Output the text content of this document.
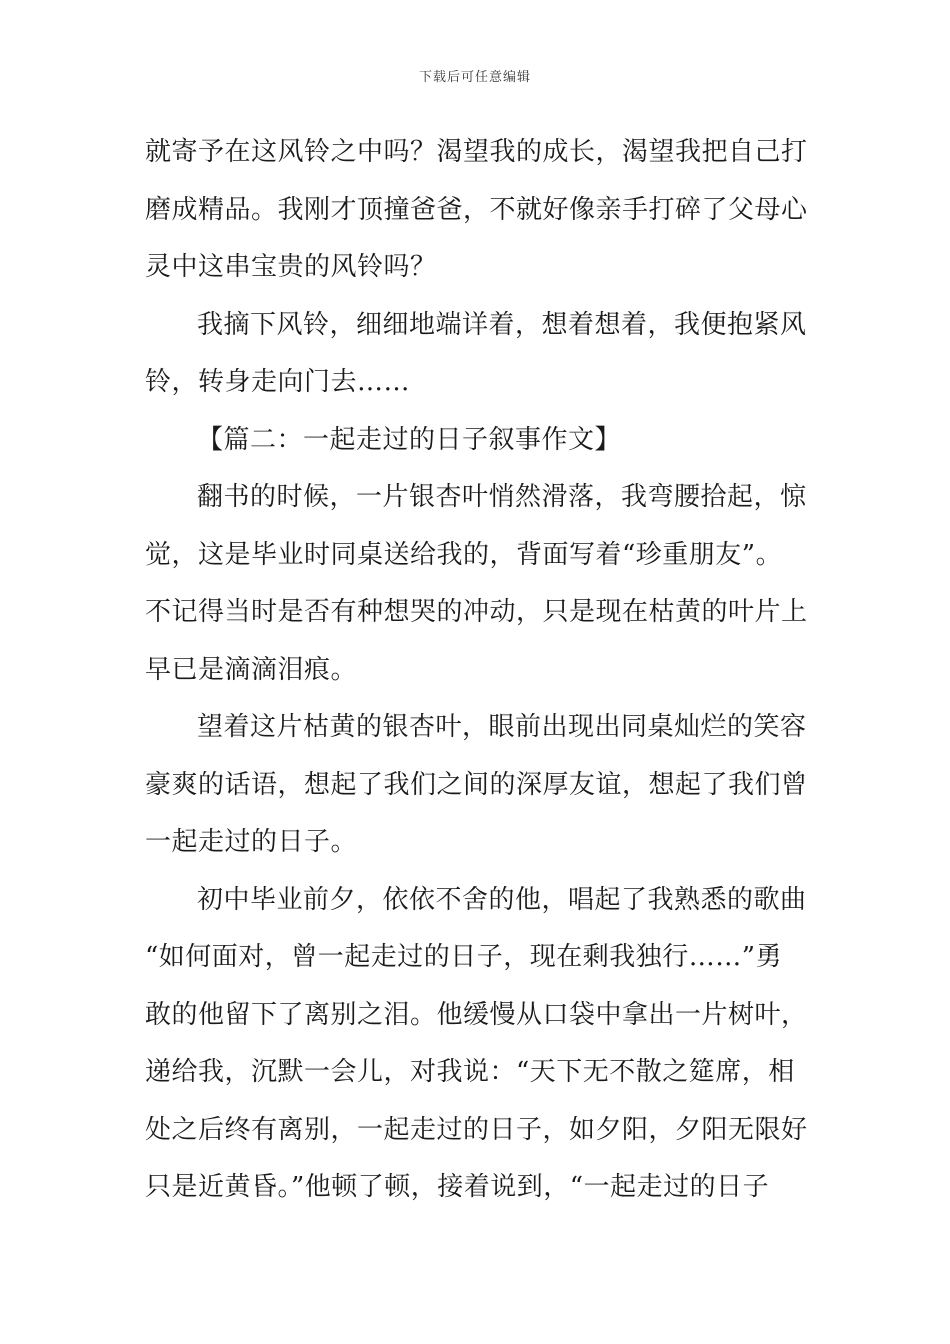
下载后可任意编辑
就寄予在这风铃之中吗？渴望我的成长，渴望我把自己打
磨成精品。我刚才顶撞爸爸，不就好像亲手打碎了父母心
灵中这串宝贵的风铃吗？
我摘下风铃，细细地端详着，想着想着，我便抱紧风
铃，转身走向门去……
【篇二：一起走过的日子叙事作文】
翻书的时候，一片银杏叶悄然滑落，我弯腰拾起，惊
觉，这是毕业时同桌送给我的，背面写着“珍重朋友”。
不记得当时是否有种想哭的冲动，只是现在枯黄的叶片上
早已是滴滴泪痕。
望着这片枯黄的银杏叶，眼前出现出同桌灿烂的笑容
豪爽的话语，想起了我们之间的深厚友谊，想起了我们曾
一起走过的日子。
初中毕业前夕，依依不舍的他，唱起了我熟悉的歌曲
“如何面对，曾一起走过的日子，现在剩我独行……”勇
敢的他留下了离别之泪。他缓慢从口袋中拿出一片树叶，
递给我，沉默一会儿，对我说：“天下无不散之筵席，相
处之后终有离别，一起走过的日子，如夕阳，夕阳无限好
只是近黄昏。”他顿了顿，接着说到，“一起走过的日子
